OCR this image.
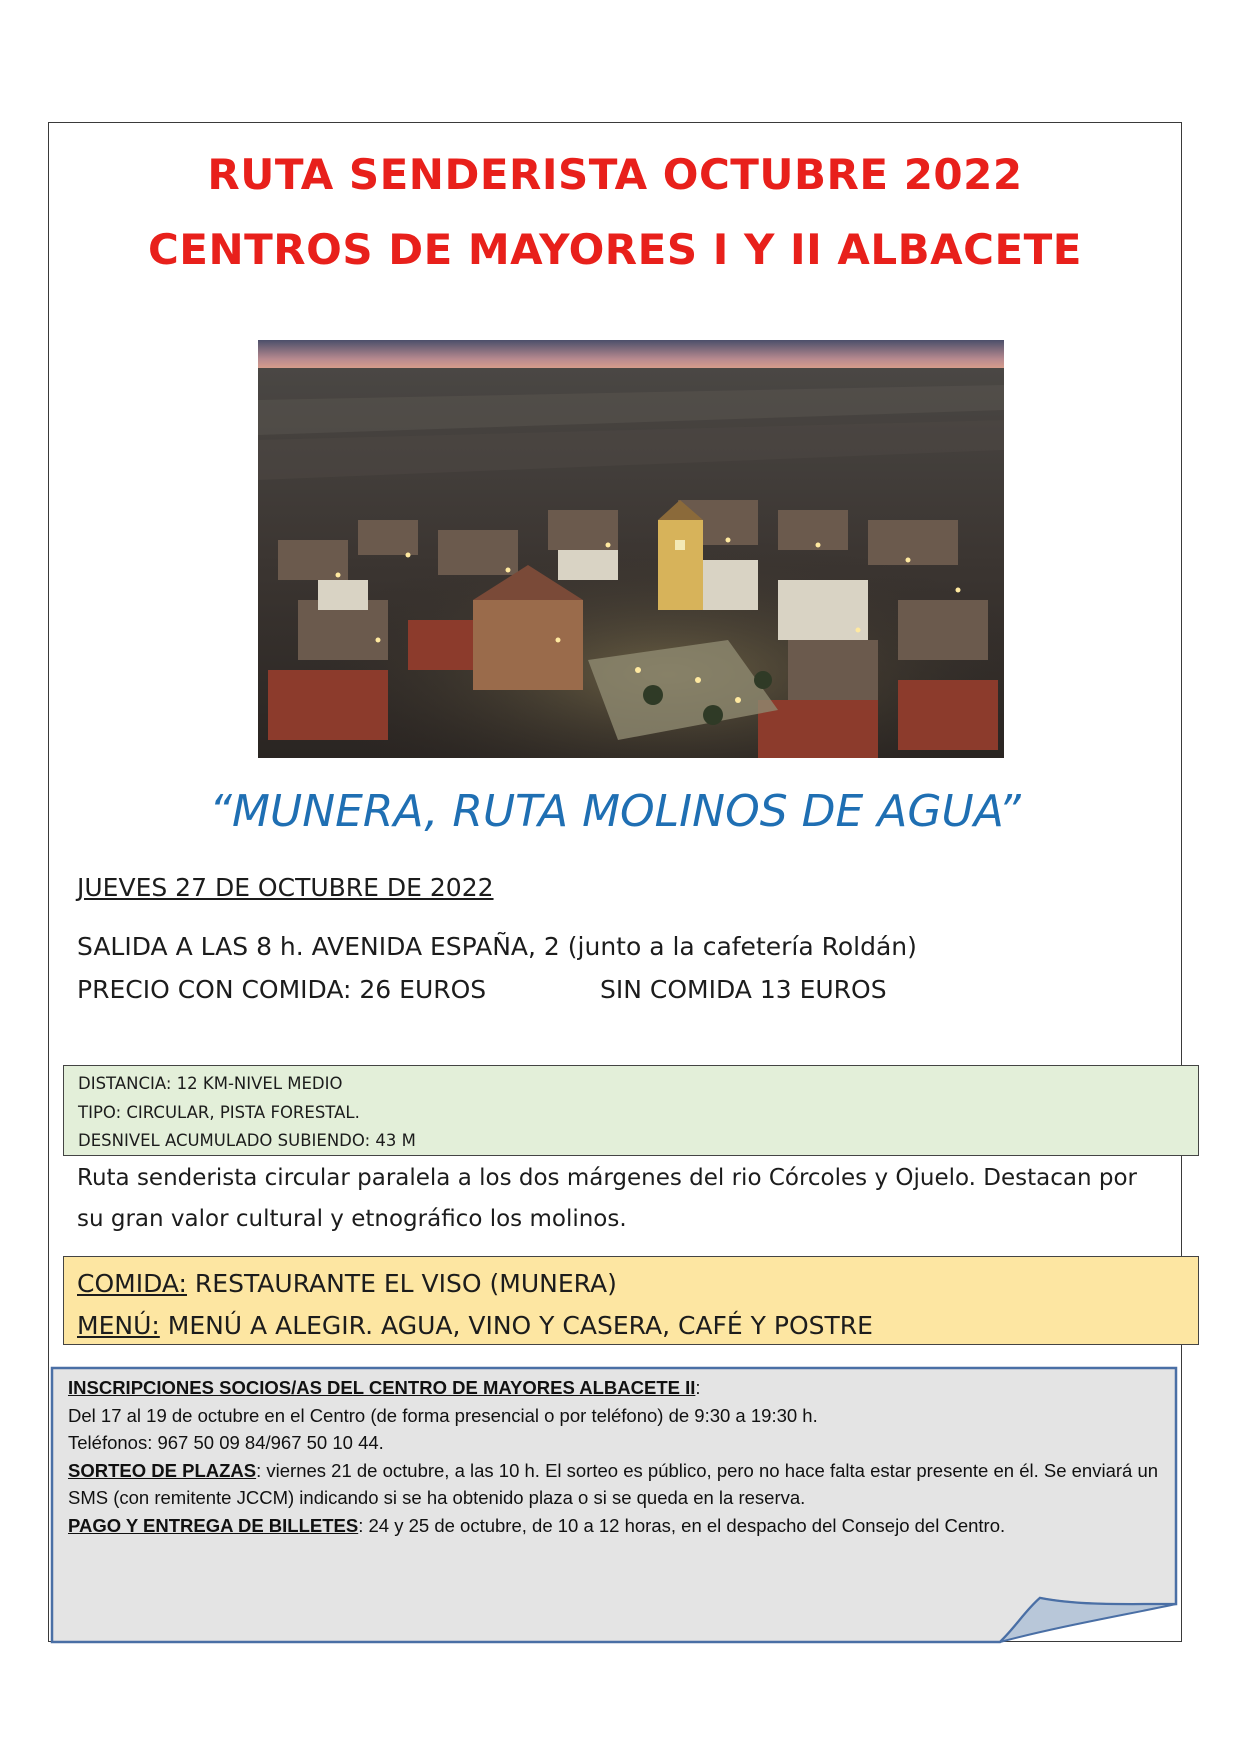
RUTA SENDERISTA OCTUBRE 2022
CENTROS DE MAYORES I Y II ALBACETE
“MUNERA, RUTA MOLINOS DE AGUA”
JUEVES 27 DE OCTUBRE DE 2022
SALIDA A LAS 8 h. AVENIDA ESPAÑA, 2 (junto a la cafetería Roldán)
PRECIO CON COMIDA: 26 EUROS	SIN COMIDA 13 EUROS
DISTANCIA: 12 KM-NIVEL MEDIO
TIPO: CIRCULAR, PISTA FORESTAL.
DESNIVEL ACUMULADO SUBIENDO: 43 M
Ruta senderista circular paralela a los dos márgenes del rio Córcoles y Ojuelo. Destacan por su gran valor cultural y etnográfico los molinos.
COMIDA: RESTAURANTE EL VISO (MUNERA)
MENÚ: MENÚ A ALEGIR. AGUA, VINO Y CASERA, CAFÉ Y POSTRE
INSCRIPCIONES SOCIOS/AS DEL CENTRO DE MAYORES ALBACETE II:
Del 17 al 19 de octubre en el Centro (de forma presencial o por teléfono) de 9:30 a 19:30 h.
Teléfonos: 967 50 09 84/967 50 10 44.
SORTEO DE PLAZAS: viernes 21 de octubre, a las 10 h. El sorteo es público, pero no hace falta estar presente en él. Se enviará un SMS (con remitente JCCM) indicando si se ha obtenido plaza o si se queda en la reserva.
PAGO Y ENTREGA DE BILLETES: 24 y 25 de octubre, de 10 a 12 horas, en el despacho del Consejo del Centro.
